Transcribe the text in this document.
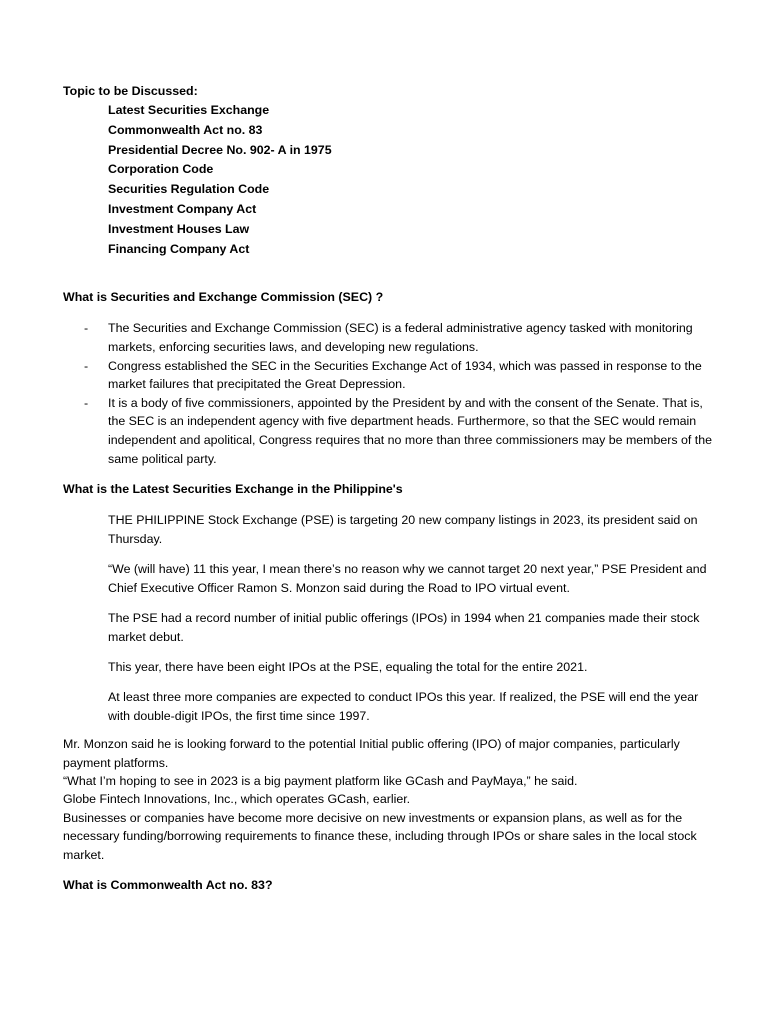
Topic to be Discussed:

Latest Securities Exchange
Commonwealth Act no. 83
Presidential Decree No. 902- A in 1975
Corporation Code
Securities Regulation Code
Investment Company Act
Investment Houses Law
Financing Company Act

What is Securities and Exchange Commission (SEC) ?

- The Securities and Exchange Commission (SEC) is a federal administrative agency tasked with monitoring markets, enforcing securities laws, and developing new regulations.
- Congress established the SEC in the Securities Exchange Act of 1934, which was passed in response to the market failures that precipitated the Great Depression.
- It is a body of five commissioners, appointed by the President by and with the consent of the Senate. That is, the SEC is an independent agency with five department heads. Furthermore, so that the SEC would remain independent and apolitical, Congress requires that no more than three commissioners may be members of the same political party.

What is the Latest Securities Exchange in the Philippine's

THE PHILIPPINE Stock Exchange (PSE) is targeting 20 new company listings in 2023, its president said on Thursday.
“We (will have) 11 this year, I mean there’s no reason why we cannot target 20 next year,” PSE President and Chief Executive Officer Ramon S. Monzon said during the Road to IPO virtual event.
The PSE had a record number of initial public offerings (IPOs) in 1994 when 21 companies made their stock market debut.
This year, there have been eight IPOs at the PSE, equaling the total for the entire 2021.
At least three more companies are expected to conduct IPOs this year. If realized, the PSE will end the year with double-digit IPOs, the first time since 1997.

Mr. Monzon said he is looking forward to the potential Initial public offering (IPO) of major companies, particularly payment platforms.

“What I’m hoping to see in 2023 is a big payment platform like GCash and PayMaya,” he said.

Globe Fintech Innovations, Inc., which operates GCash, earlier.

Businesses or companies have become more decisive on new investments or expansion plans, as well as for the necessary funding/borrowing requirements to finance these, including through IPOs or share sales in the local stock market.

What is Commonwealth Act no. 83?
